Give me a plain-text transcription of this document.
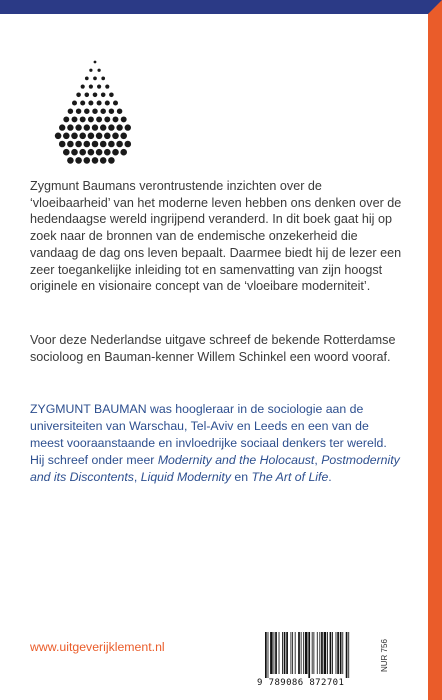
Zygmunt Baumans verontrustende inzichten over de ‘vloeibaarheid’ van het moderne leven hebben ons denken over de hedendaagse wereld ingrijpend veranderd. In dit boek gaat hij op zoek naar de bronnen van de endemische onzekerheid die vandaag de dag ons leven bepaalt. Daarmee biedt hij de lezer een zeer toegankelijke inleiding tot en samenvatting van zijn hoogst originele en visionaire concept van de ‘vloeibare moderniteit’.

Voor deze Nederlandse uitgave schreef de bekende Rotterdamse socioloog en Bauman-kenner Willem Schinkel een woord vooraf.

ZYGMUNT BAUMAN was hoogleraar in de sociologie aan de universiteiten van Warschau, Tel-Aviv en Leeds en een van de meest vooraanstaande en invloedrijke sociaal denkers ter wereld. Hij schreef onder meer Modernity and the Holocaust, Postmodernity and its Discontents, Liquid Modernity en The Art of Life.

www.uitgeverijklement.nl
9 789086 872701
NUR 756
